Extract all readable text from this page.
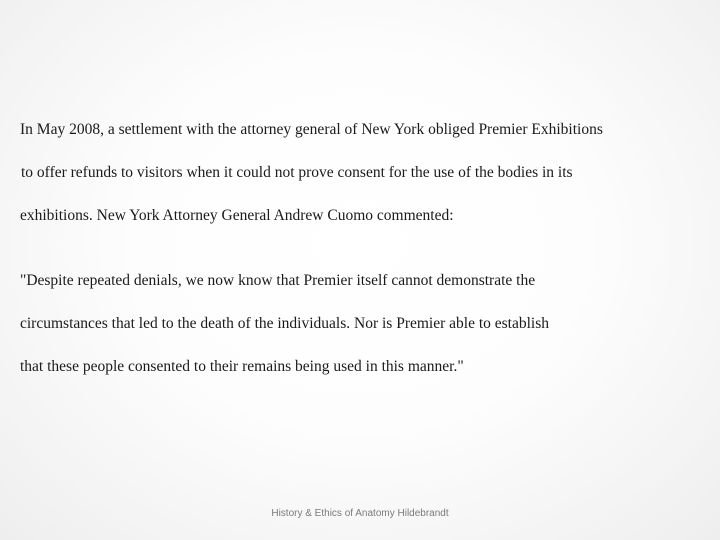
In May 2008, a settlement with the attorney general of New York obliged Premier Exhibitions

to offer refunds to visitors when it could not prove consent for the use of the bodies in its

exhibitions. New York Attorney General Andrew Cuomo commented:

"Despite repeated denials, we now know that Premier itself cannot demonstrate the

circumstances that led to the death of the individuals. Nor is Premier able to establish

that these people consented to their remains being used in this manner."

History & Ethics of Anatomy Hildebrandt
